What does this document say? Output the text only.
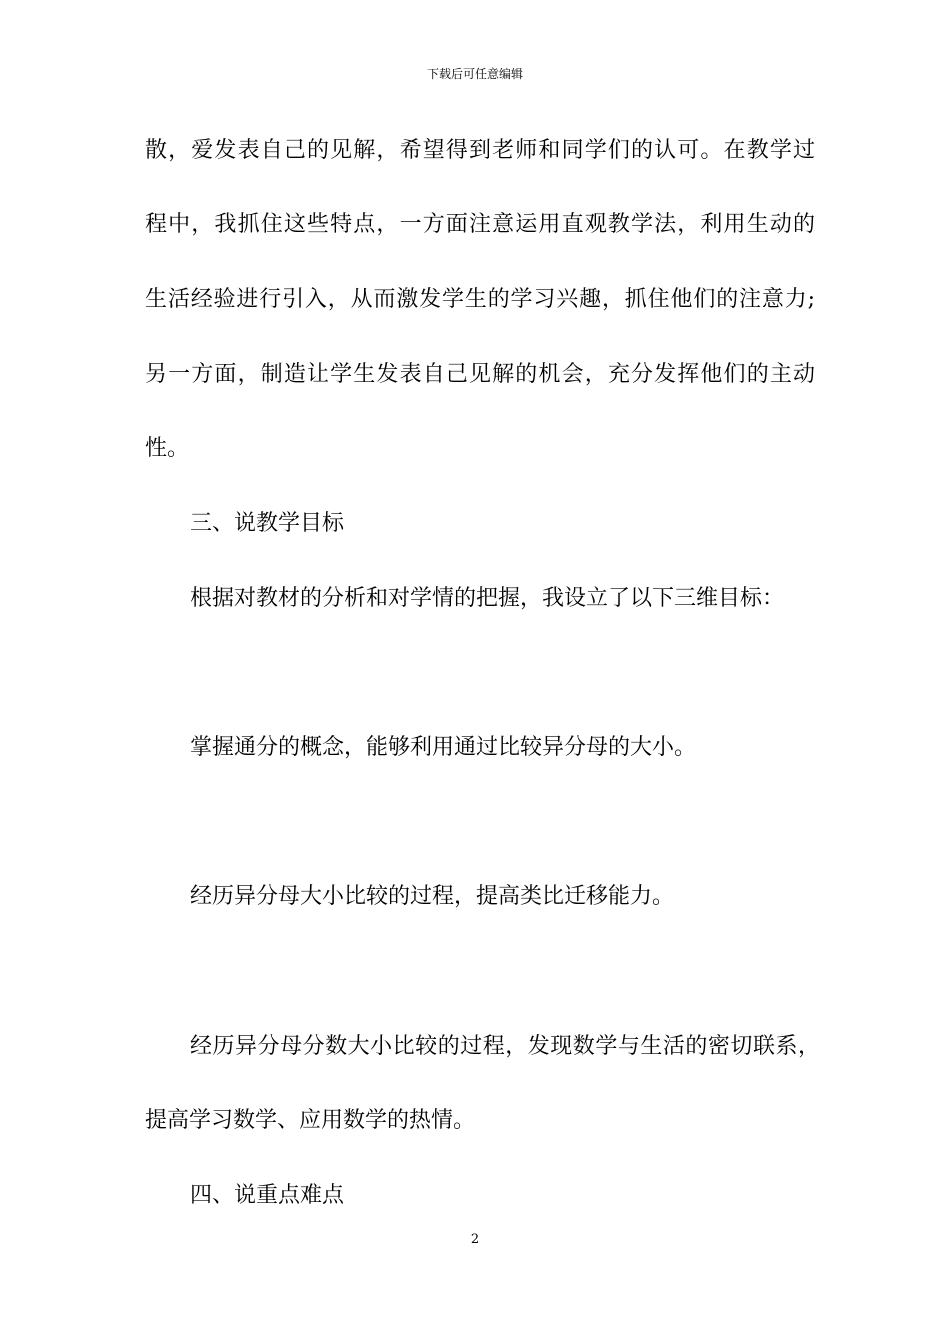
下载后可任意编辑
散，爱发表自己的见解，希望得到老师和同学们的认可。在教学过
程中，我抓住这些特点，一方面注意运用直观教学法，利用生动的
生活经验进行引入，从而激发学生的学习兴趣，抓住他们的注意力;
另一方面，制造让学生发表自己见解的机会，充分发挥他们的主动
性。
三、说教学目标
根据对教材的分析和对学情的把握，我设立了以下三维目标：
掌握通分的概念，能够利用通过比较异分母的大小。
经历异分母大小比较的过程，提高类比迁移能力。
经历异分母分数大小比较的过程，发现数学与生活的密切联系，
提高学习数学、应用数学的热情。
四、说重点难点
2
